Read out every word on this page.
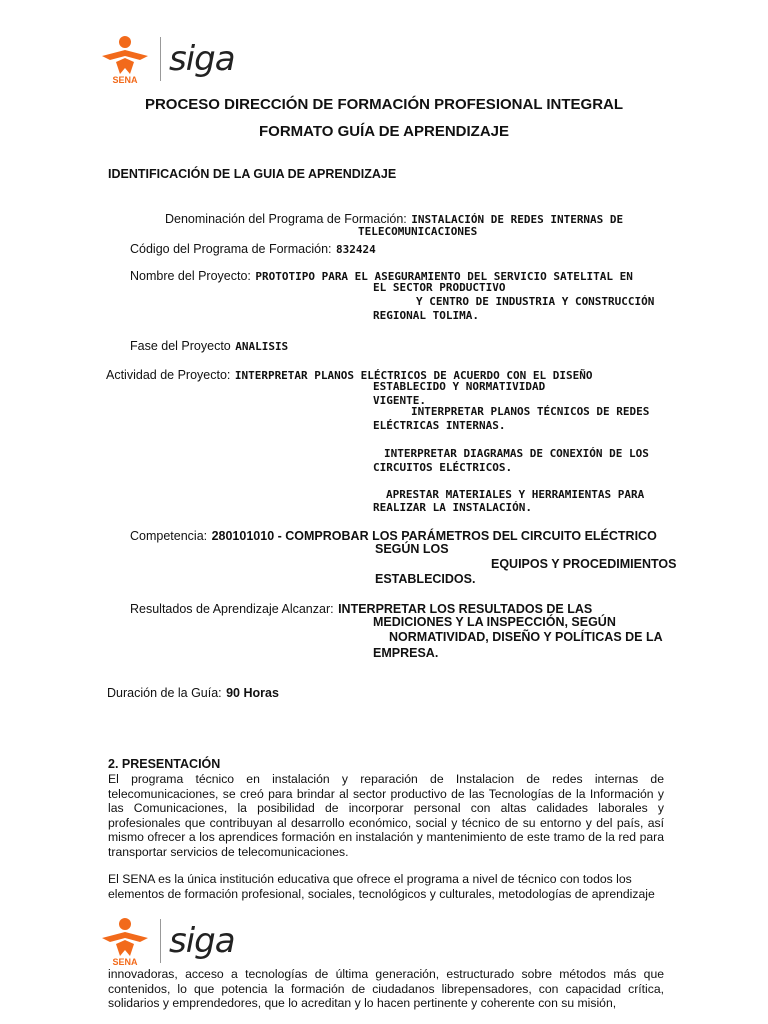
SENA
siga
PROCESO DIRECCIÓN DE FORMACIÓN PROFESIONAL INTEGRAL
FORMATO GUÍA DE APRENDIZAJE
IDENTIFICACIÓN DE LA GUIA DE APRENDIZAJE
Denominación del Programa de Formación: INSTALACIÓN DE REDES INTERNAS DE
TELECOMUNICACIONES
Código del Programa de Formación: 832424
Nombre del Proyecto: PROTOTIPO PARA EL ASEGURAMIENTO DEL SERVICIO SATELITAL EN
EL SECTOR PRODUCTIVO
Y CENTRO DE INDUSTRIA Y CONSTRUCCIÓN
REGIONAL TOLIMA.
Fase del Proyecto ANALISIS
Actividad de Proyecto: INTERPRETAR PLANOS ELÉCTRICOS DE ACUERDO CON EL DISEÑO
ESTABLECIDO Y NORMATIVIDAD
VIGENTE.
INTERPRETAR PLANOS TÉCNICOS DE REDES
ELÉCTRICAS INTERNAS.
INTERPRETAR DIAGRAMAS DE CONEXIÓN DE LOS
CIRCUITOS ELÉCTRICOS.
APRESTAR MATERIALES Y HERRAMIENTAS PARA
REALIZAR LA INSTALACIÓN.
Competencia: 280101010 - COMPROBAR LOS PARÁMETROS DEL CIRCUITO ELÉCTRICO
SEGÚN LOS
EQUIPOS Y PROCEDIMIENTOS
ESTABLECIDOS.
Resultados de Aprendizaje Alcanzar: INTERPRETAR LOS RESULTADOS DE LAS
MEDICIONES Y LA INSPECCIÓN, SEGÚN
NORMATIVIDAD, DISEÑO Y POLÍTICAS DE LA
EMPRESA.
Duración de la Guía: 90 Horas
2. PRESENTACIÓN
El programa técnico en instalación y reparación de Instalacion de redes internas de telecomunicaciones, se creó para brindar al sector productivo de las Tecnologías de la Información y las Comunicaciones, la posibilidad de incorporar personal con altas calidades laborales y profesionales que contribuyan al desarrollo económico, social y técnico de su entorno y del país, así mismo ofrecer a los aprendices formación en instalación y mantenimiento de este tramo de la red para transportar servicios de telecomunicaciones.
El SENA es la única institución educativa que ofrece el programa a nivel de técnico con todos los elementos de formación profesional, sociales, tecnológicos y culturales, metodologías de aprendizaje
SENA
siga
innovadoras, acceso a tecnologías de última generación, estructurado sobre métodos más que contenidos, lo que potencia la formación de ciudadanos librepensadores, con capacidad crítica, solidarios y emprendedores, que lo acreditan y lo hacen pertinente y coherente con su misión,
